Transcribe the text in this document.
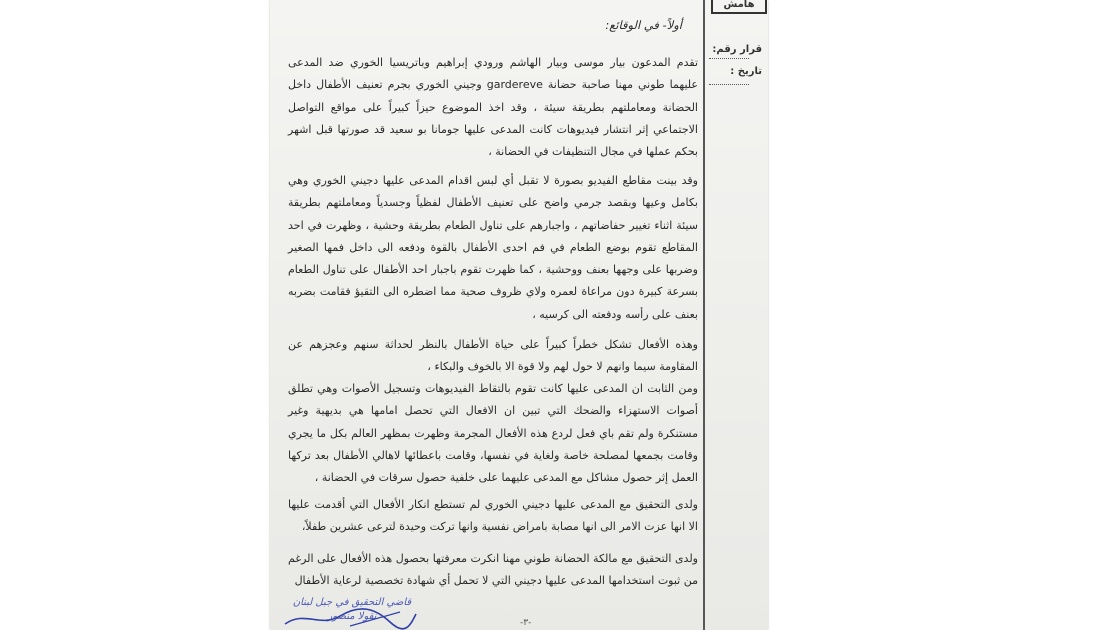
هامش
قرار رقم:
تاريخ :
أولاً- في الوقائع:

تقدم المدعون بيار موسى وبيار الهاشم ورودي إبراهيم وباتريسيا الخوري ضد المدعى عليهما طوني مهنا صاحبة حضانة gardereve وجيني الخوري بجرم تعنيف الأطفال داخل الحضانة ومعاملتهم بطريقة سيئة ، وقد اخذ الموضوع حيزاً كبيراً على مواقع التواصل الاجتماعي إثر انتشار فيديوهات كانت المدعى عليها جومانا بو سعيد قد صورتها قبل اشهر بحكم عملها في مجال التنظيفات في الحضانة ،

وقد بينت مقاطع الفيديو بصورة لا تقبل أي لبس اقدام المدعى عليها دجيني الخوري وهي بكامل وعيها وبقصد جرمي واضح على تعنيف الأطفال لفظياً وجسدياً ومعاملتهم بطريقة سيئة اثناء تغيير حفاضاتهم ، واجبارهم على تناول الطعام بطريقة وحشية ، وظهرت في احد المقاطع تقوم بوضع الطعام في فم احدى الأطفال بالقوة ودفعه الى داخل فمها الصغير وضربها على وجهها بعنف ووحشية ، كما ظهرت تقوم باجبار احد الأطفال على تناول الطعام بسرعة كبيرة دون مراعاة لعمره ولاي ظروف صحية مما اضطره الى التقيؤ فقامت بضربه بعنف على رأسه ودفعته الى كرسيه ،

وهذه الأفعال تشكل خطراً كبيراً على حياة الأطفال بالنظر لحداثة سنهم وعجزهم عن المقاومة سيما وانهم لا حول لهم ولا قوة الا بالخوف والبكاء ،

ومن الثابت ان المدعى عليها كانت تقوم بالتقاط الفيديوهات وتسجيل الأصوات وهي تطلق أصوات الاستهزاء والضحك التي تبين ان الافعال التي تحصل امامها هي بديهية وغير مستنكرة ولم تقم باي فعل لردع هذه الأفعال المجرمة وظهرت بمظهر العالم بكل ما يجري وقامت بجمعها لمصلحة خاصة ولغاية في نفسها، وقامت باعطائها لاهالي الأطفال بعد تركها العمل إثر حصول مشاكل مع المدعى عليهما على خلفية حصول سرقات في الحضانة ،

ولدى التحقيق مع المدعى عليها دجيني الخوري لم تستطع انكار الأفعال التي أقدمت عليها الا انها عزت الامر الى انها مصابة بامراض نفسية وانها تركت وحيدة لترعى عشرين طفلاً،

ولدى التحقيق مع مالكة الحضانة طوني مهنا انكرت معرفتها بحصول هذه الأفعال على الرغم من ثبوت استخدامها المدعى عليها دجيني التي لا تحمل أي شهادة تخصصية لرعاية الأطفال

قاضي التحقيق في جبل لبنان
نقولا منصور
-٣-
